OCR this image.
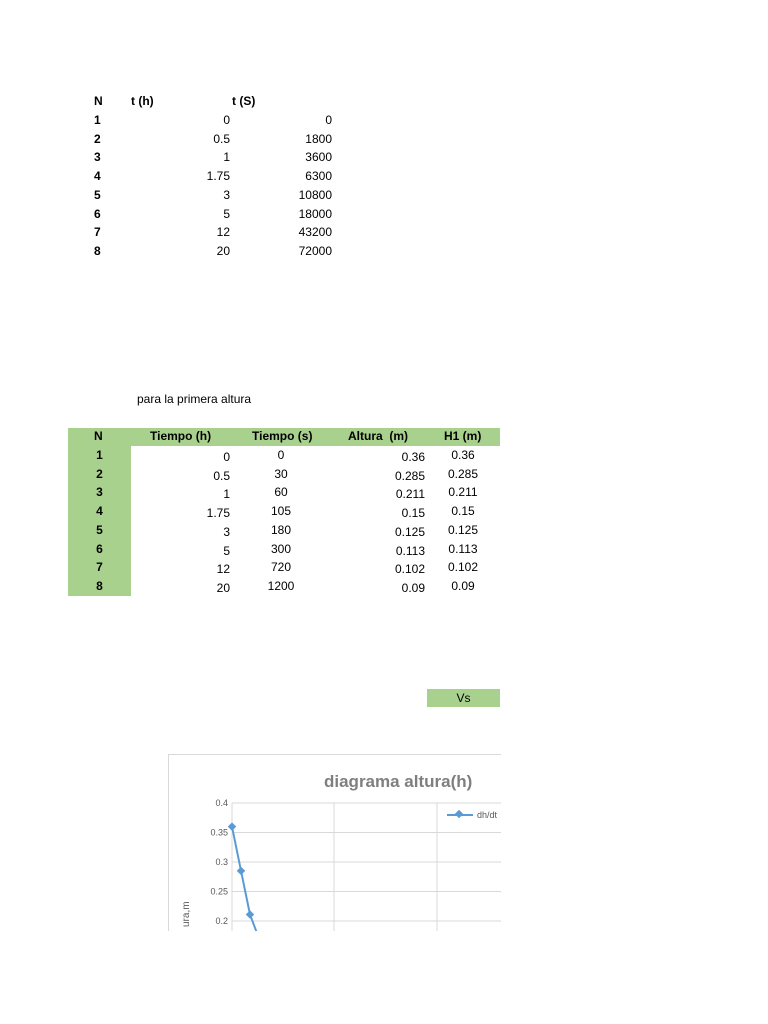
N t (h)	t (S)
1	0	0
2	0.5	1800
3	1	3600
4	1.75	6300
5	3	10800
6	5	18000
7	12	43200
8	20	72000
para la primera altura
N	Tiempo (h)	Tiempo (s)	Altura  (m)	H1 (m)
1	0	0	0.36	0.36
2	0.5	30	0.285	0.285
3	1	60	0.211	0.211
4	1.75	105	0.15	0.15
5	3	180	0.125	0.125
6	5	300	0.113	0.113
7	12	720	0.102	0.102
8	20	1200	0.09	0.09
Vs
diagrama altura(h)
0.4
0.35
0.3
0.25
0.2
ura,m
dh/dt
